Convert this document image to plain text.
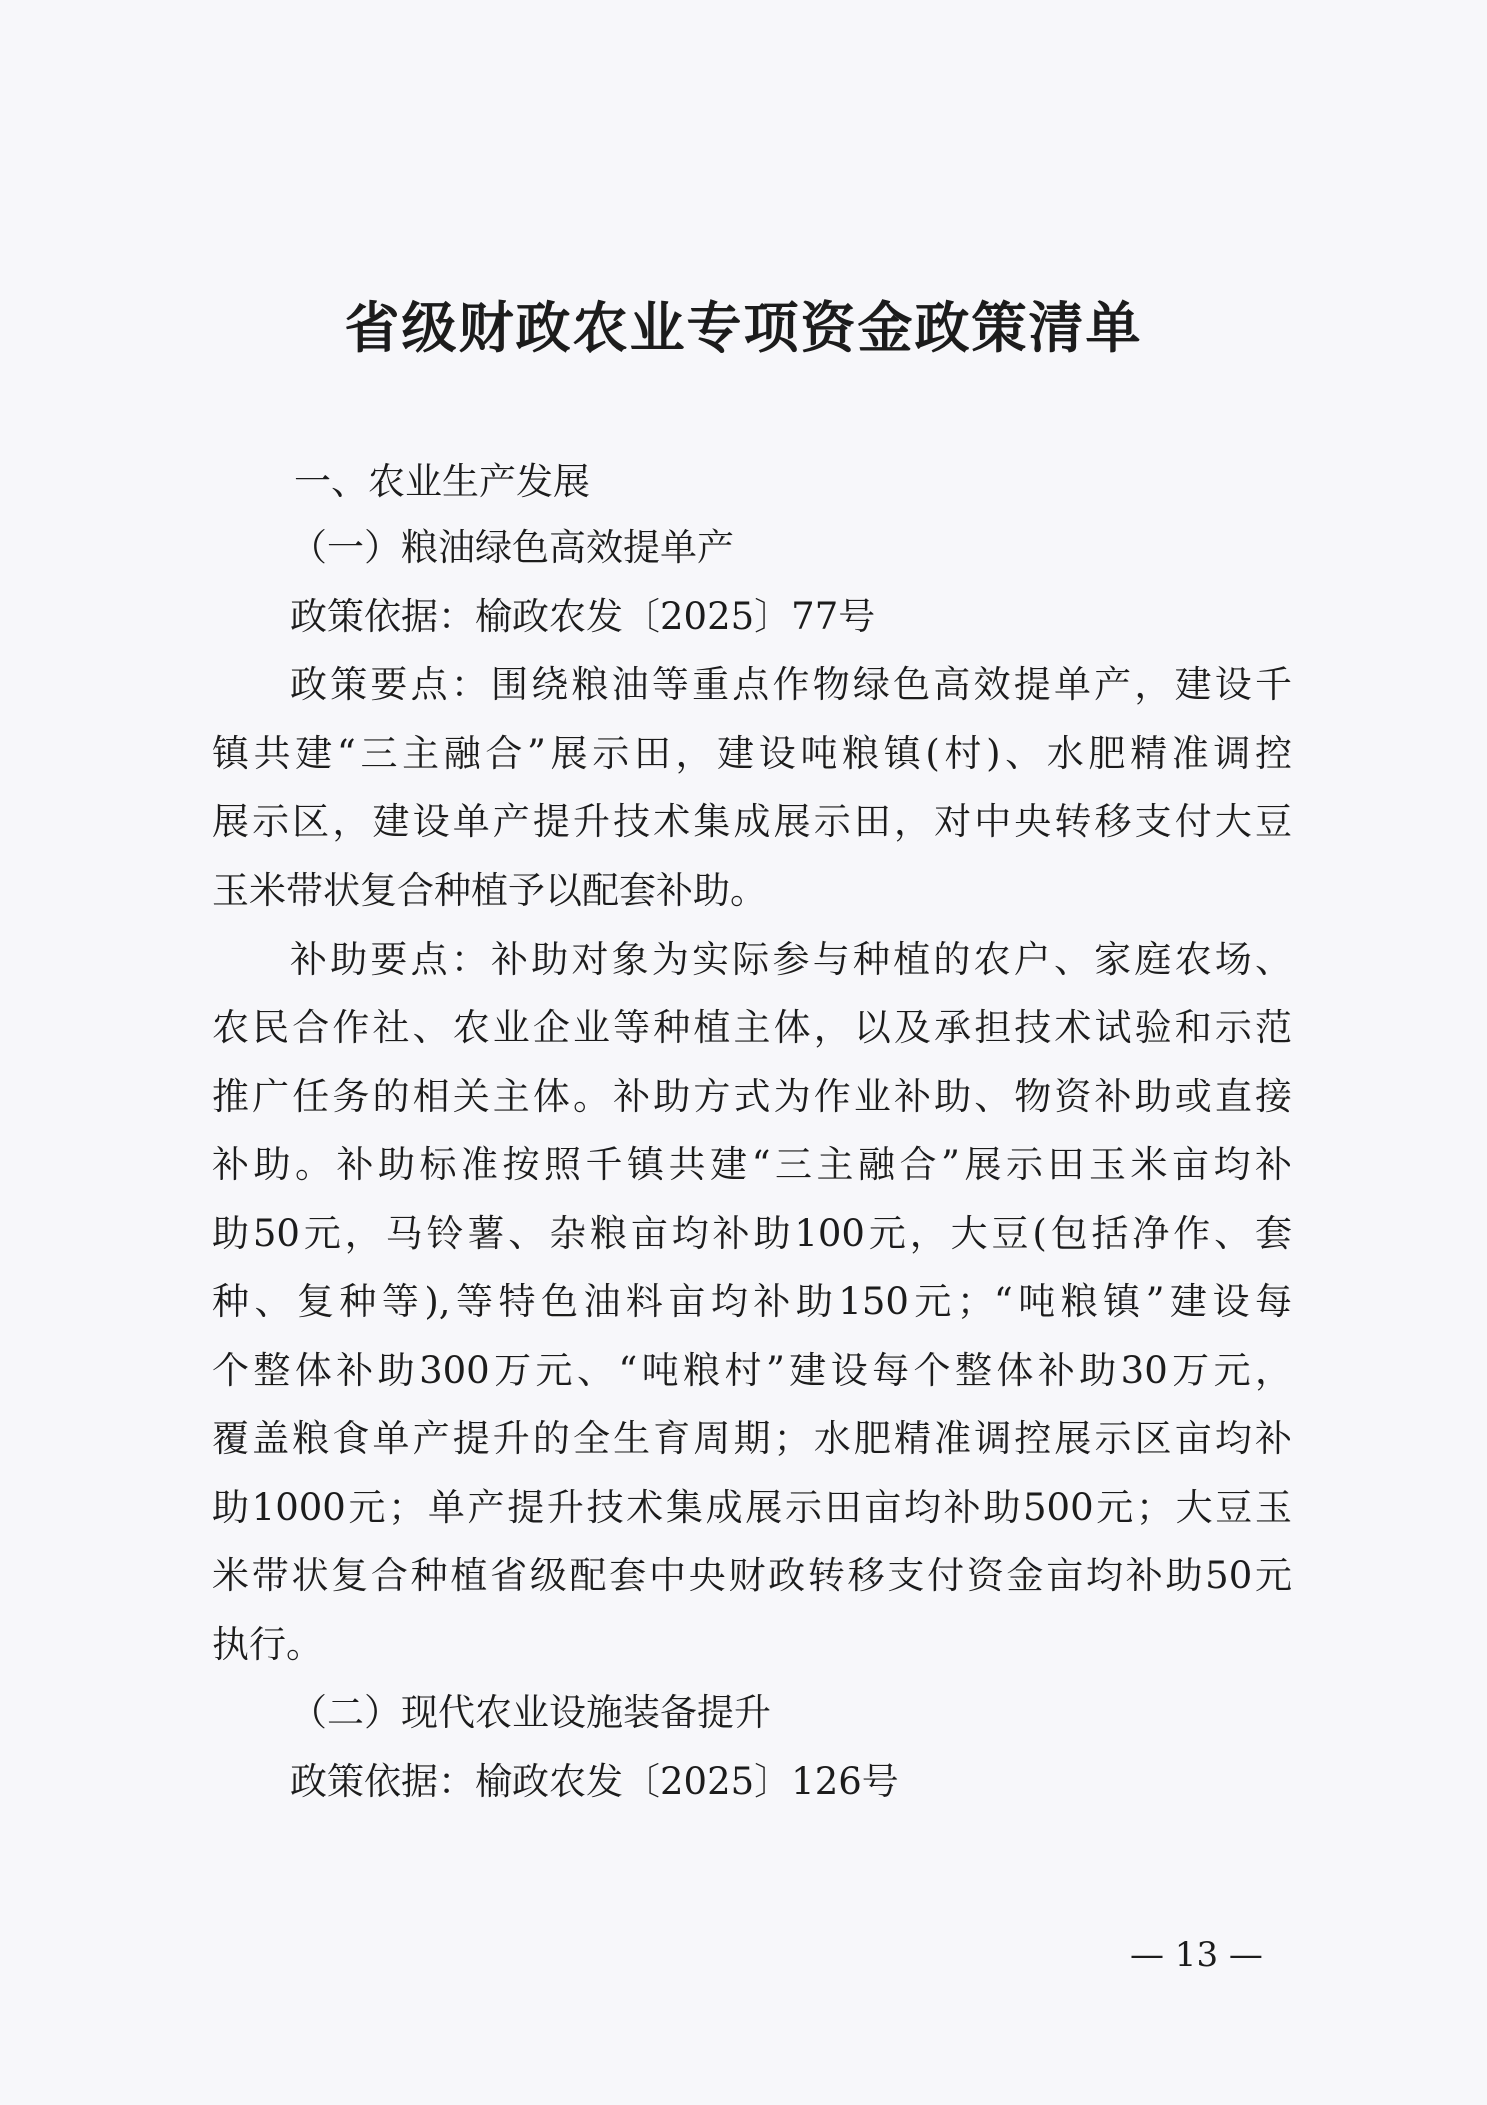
省级财政农业专项资金政策清单
一、农业生产发展
（一）粮油绿色高效提单产
政策依据：榆政农发〔2025〕77号
政策要点：围绕粮油等重点作物绿色高效提单产，建设千
镇共建“三主融合”展示田，建设吨粮镇(村)、水肥精准调控
展示区，建设单产提升技术集成展示田，对中央转移支付大豆
玉米带状复合种植予以配套补助。
补助要点：补助对象为实际参与种植的农户、家庭农场、
农民合作社、农业企业等种植主体，以及承担技术试验和示范
推广任务的相关主体。补助方式为作业补助、物资补助或直接
补助。补助标准按照千镇共建“三主融合”展示田玉米亩均补
助50元，马铃薯、杂粮亩均补助100元，大豆(包括净作、套
种、复种等),等特色油料亩均补助150元；“吨粮镇”建设每
个整体补助300万元、“吨粮村”建设每个整体补助30万元，
覆盖粮食单产提升的全生育周期；水肥精准调控展示区亩均补
助1000元；单产提升技术集成展示田亩均补助500元；大豆玉
米带状复合种植省级配套中央财政转移支付资金亩均补助50元
执行。
（二）现代农业设施装备提升
政策依据：榆政农发〔2025〕126号
— 13 —
